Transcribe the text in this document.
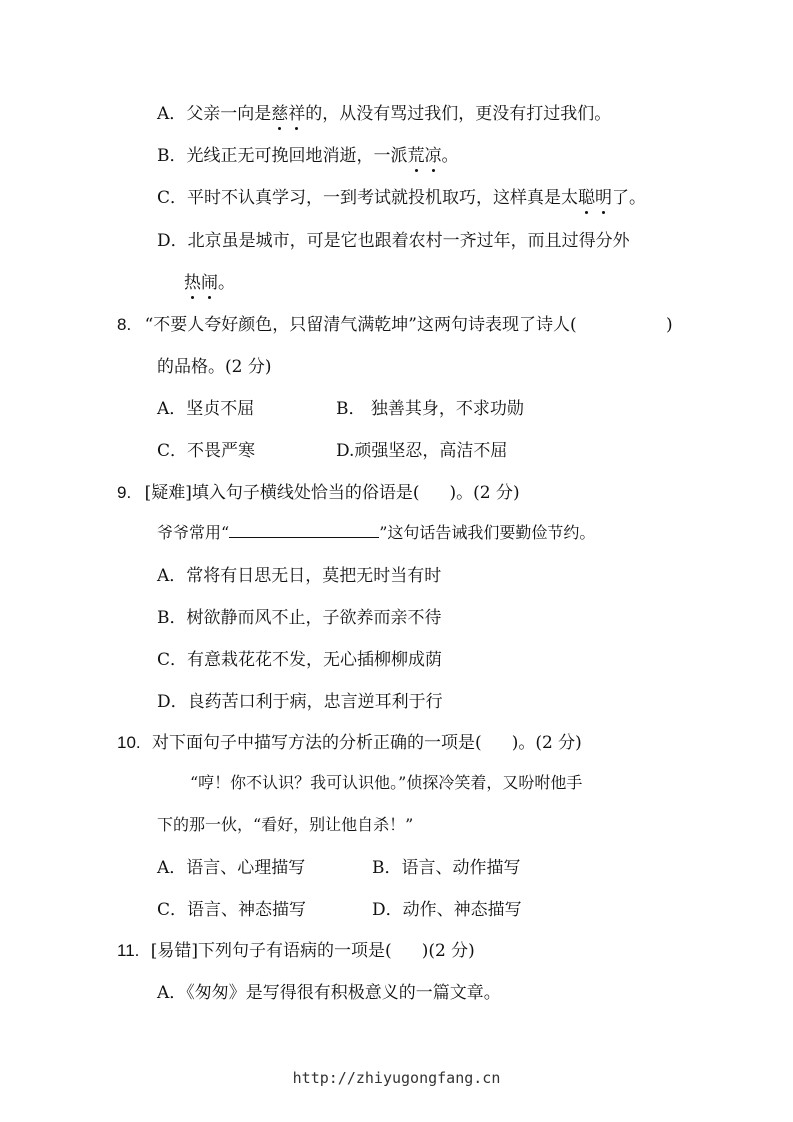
A．父亲一向是慈祥的，从没有骂过我们，更没有打过我们。
B．光线正无可挽回地消逝，一派荒凉。
C．平时不认真学习，一到考试就投机取巧，这样真是太聪明了。
D．北京虽是城市，可是它也跟着农村一齐过年，而且过得分外
热闹。
8. “不要人夸好颜色，只留清气满乾坤”这两句诗表现了诗人(	)
的品格。(2 分)
A．坚贞不屈	B． 独善其身，不求功勋
C．不畏严寒	D.顽强坚忍，高洁不屈
9. [疑难]填入句子横线处恰当的俗语是( )。(2 分)
爷爷常用“	”这句话告诫我们要勤俭节约。
A．常将有日思无日，莫把无时当有时
B．树欲静而风不止，子欲养而亲不待
C．有意栽花花不发，无心插柳柳成荫
D．良药苦口利于病，忠言逆耳利于行
10. 对下面句子中描写方法的分析正确的一项是( )。(2 分)
“哼！你不认识？我可认识他。”侦探冷笑着，又吩咐他手
下的那一伙，“看好，别让他自杀！”
A．语言、心理描写	B．语言、动作描写
C．语言、神态描写	D．动作、神态描写
11. [易错]下列句子有语病的一项是( )(2 分)
A．《匆匆》是写得很有积极意义的一篇文章。
http://zhiyugongfang.cn
